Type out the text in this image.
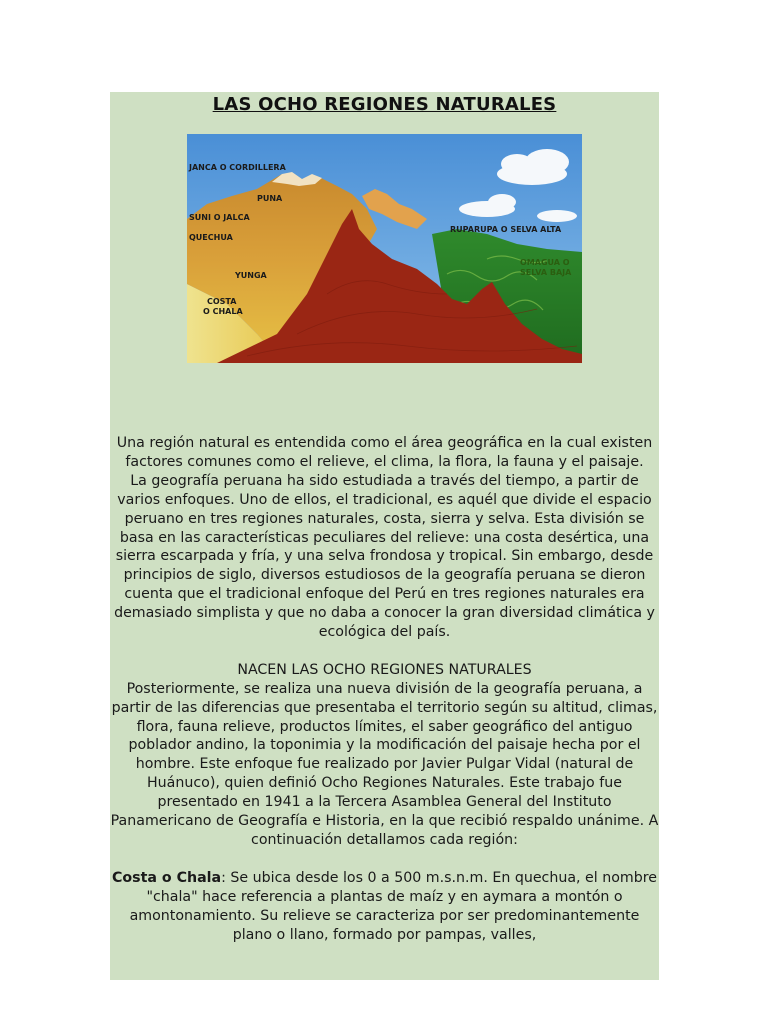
LAS OCHO REGIONES NATURALES
JANCA O CORDILLERA
PUNA
SUNI O JALCA
QUECHUA
YUNGA
COSTA
O CHALA
RUPARUPA O SELVA ALTA
OMAGUA O
SELVA BAJA

Una región natural es entendida como el área geográfica en la cual existen factores comunes como el relieve, el clima, la flora, la fauna y el paisaje.

La geografía peruana ha sido estudiada a través del tiempo, a partir de varios enfoques. Uno de ellos, el tradicional, es aquél que divide el espacio peruano en tres regiones naturales, costa, sierra y selva. Esta división se basa en las características peculiares del relieve: una costa desértica, una sierra escarpada y fría, y una selva frondosa y tropical. Sin embargo, desde principios de siglo, diversos estudiosos de la geografía peruana se dieron cuenta que el tradicional enfoque del Perú en tres regiones naturales era demasiado simplista y que no daba a conocer la gran diversidad climática y ecológica del país.

NACEN LAS OCHO REGIONES NATURALES

Posteriormente, se realiza una nueva división de la geografía peruana, a partir de las diferencias que presentaba el territorio según su altitud, climas, flora, fauna relieve, productos límites, el saber geográfico del antiguo poblador andino, la toponimia y la modificación del paisaje hecha por el hombre. Este enfoque fue realizado por Javier Pulgar Vidal (natural de Huánuco), quien definió Ocho Regiones Naturales. Este trabajo fue presentado en 1941 a la Tercera Asamblea General del Instituto Panamericano de Geografía e Historia, en la que recibió respaldo unánime. A continuación detallamos cada región:

Costa o Chala: Se ubica desde los 0 a 500 m.s.n.m. En quechua, el nombre "chala" hace referencia a plantas de maíz y en aymara a montón o amontonamiento. Su relieve se caracteriza por ser predominantemente plano o llano, formado por pampas, valles,
